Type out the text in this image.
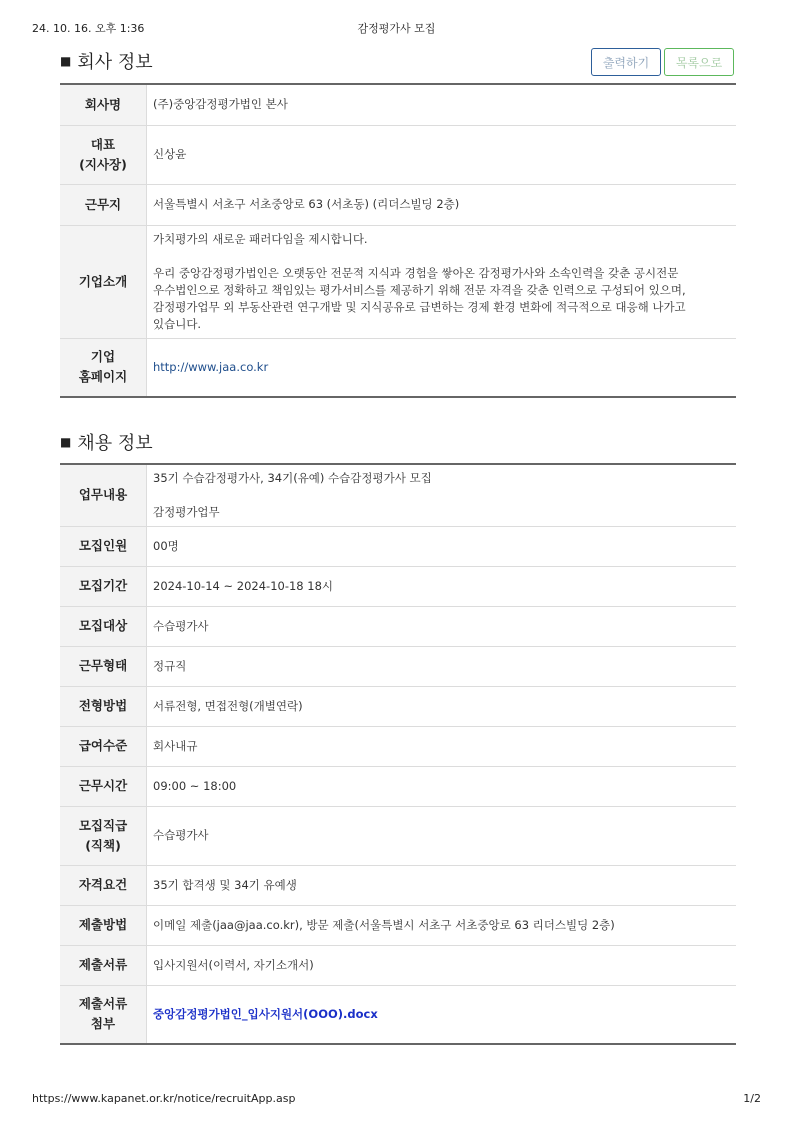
24. 10. 16. 오후 1:36	감정평가사 모집
■ 회사 정보	출력하기	목록으로
회사명	(주)중앙감정평가법인 본사
대표
(지사장)	신상윤
근무지	서울특별시 서초구 서초중앙로 63 (서초동) (리더스빌딩 2층)
기업소개	가치평가의 새로운 패러다임을 제시합니다.

우리 중앙감정평가법인은 오랫동안 전문적 지식과 경험을 쌓아온 감정평가사와 소속인력을 갖춘 공시전문 우수법인으로 정확하고 책임있는 평가서비스를 제공하기 위해 전문 자격을 갖춘 인력으로 구성되어 있으며, 감정평가업무 외 부동산관련 연구개발 및 지식공유로 급변하는 경제 환경 변화에 적극적으로 대응해 나가고 있습니다.

기업
홈페이지	http://www.jaa.co.kr
■ 채용 정보
업무내용	35기 수습감정평가사, 34기(유예) 수습감정평가사 모집

감정평가업무

모집인원	00명
모집기간	2024-10-14 ~ 2024-10-18 18시
모집대상	수습평가사
근무형태	정규직
전형방법	서류전형, 면접전형(개별연락)
급여수준	회사내규
근무시간	09:00 ~ 18:00
모집직급
(직책)	수습평가사
자격요건	35기 합격생 및 34기 유예생
제출방법	이메일 제출(jaa@jaa.co.kr), 방문 제출(서울특별시 서초구 서초중앙로 63 리더스빌딩 2층)
제출서류	입사지원서(이력서, 자기소개서)
제출서류
첨부	중앙감정평가법인_입사지원서(OOO).docx
https://www.kapanet.or.kr/notice/recruitApp.asp	1/2
